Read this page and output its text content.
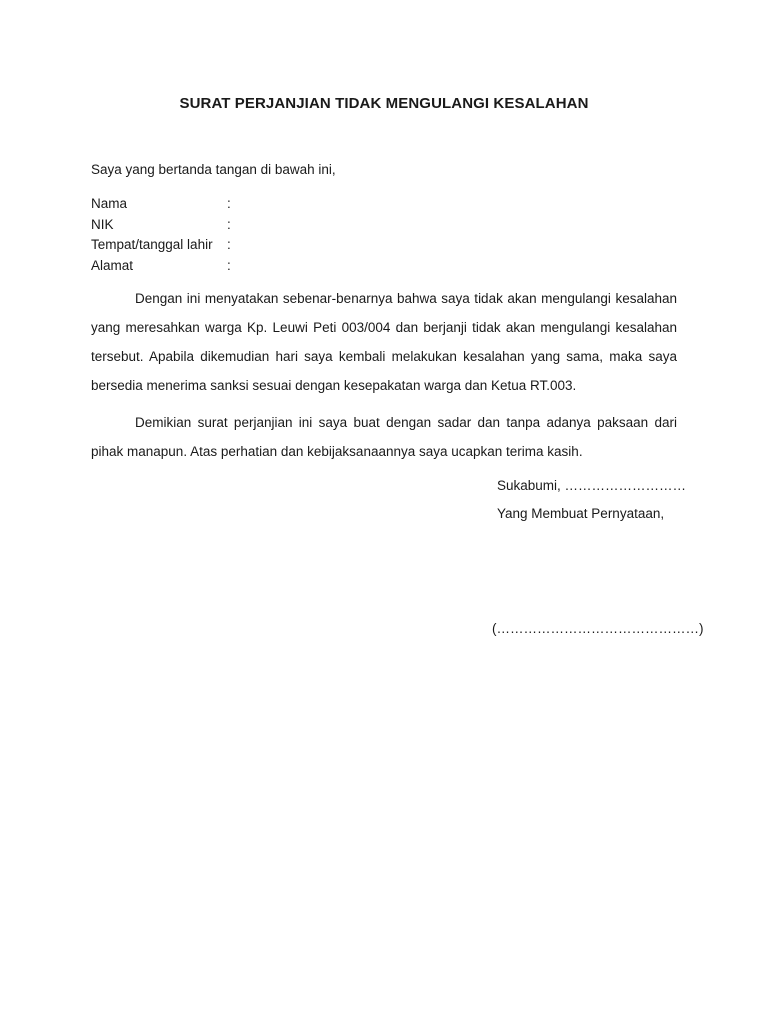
SURAT PERJANJIAN TIDAK MENGULANGI KESALAHAN
Saya yang bertanda tangan di bawah ini,
Nama	:
NIK	:
Tempat/tanggal lahir :
Alamat	:

Dengan ini menyatakan sebenar-benarnya bahwa saya tidak akan mengulangi kesalahan yang meresahkan warga Kp. Leuwi Peti 003/004 dan berjanji tidak akan mengulangi kesalahan tersebut. Apabila dikemudian hari saya kembali melakukan kesalahan yang sama, maka saya bersedia menerima sanksi sesuai dengan kesepakatan warga dan Ketua RT.003.

Demikian surat perjanjian ini saya buat dengan sadar dan tanpa adanya paksaan dari pihak manapun. Atas perhatian dan kebijaksanaannya saya ucapkan terima kasih.

Sukabumi, ………………………
Yang Membuat Pernyataan,
(………………………………………)
